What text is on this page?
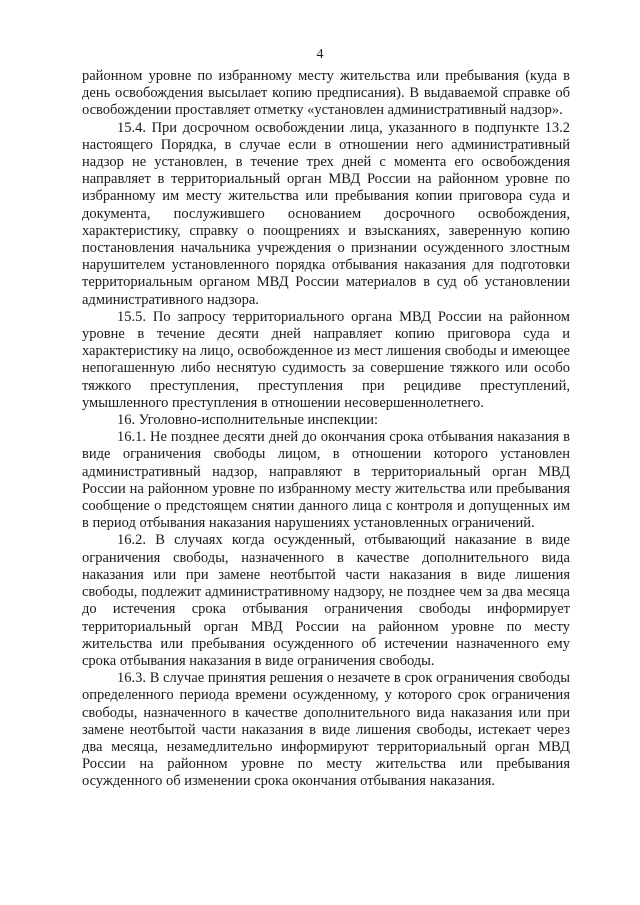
4

районном уровне по избранному месту жительства или пребывания (куда в день освобождения высылает копию предписания). В выдаваемой справке об освобождении проставляет отметку «установлен административный надзор».

15.4. При досрочном освобождении лица, указанного в подпункте 13.2 настоящего Порядка, в случае если в отношении него административный надзор не установлен, в течение трех дней с момента его освобождения направляет в территориальный орган МВД России на районном уровне по избранному им месту жительства или пребывания копии приговора суда и документа, послужившего основанием досрочного освобождения, характеристику, справку о поощрениях и взысканиях, заверенную копию постановления начальника учреждения о признании осужденного злостным нарушителем установленного порядка отбывания наказания для подготовки территориальным органом МВД России материалов в суд об установлении административного надзора.

15.5. По запросу территориального органа МВД России на районном уровне в течение десяти дней направляет копию приговора суда и характеристику на лицо, освобожденное из мест лишения свободы и имеющее непогашенную либо неснятую судимость за совершение тяжкого или особо тяжкого преступления, преступления при рецидиве преступлений, умышленного преступления в отношении несовершеннолетнего.

16. Уголовно-исполнительные инспекции:

16.1. Не позднее десяти дней до окончания срока отбывания наказания в виде ограничения свободы лицом, в отношении которого установлен административный надзор, направляют в территориальный орган МВД России на районном уровне по избранному месту жительства или пребывания сообщение о предстоящем снятии данного лица с контроля и допущенных им в период отбывания наказания нарушениях установленных ограничений.

16.2. В случаях когда осужденный, отбывающий наказание в виде ограничения свободы, назначенного в качестве дополнительного вида наказания или при замене неотбытой части наказания в виде лишения свободы, подлежит административному надзору, не позднее чем за два месяца до истечения срока отбывания ограничения свободы информирует территориальный орган МВД России на районном уровне по месту жительства или пребывания осужденного об истечении назначенного ему срока отбывания наказания в виде ограничения свободы.

16.3. В случае принятия решения о незачете в срок ограничения свободы определенного периода времени осужденному, у которого срок ограничения свободы, назначенного в качестве дополнительного вида наказания или при замене неотбытой части наказания в виде лишения свободы, истекает через два месяца, незамедлительно информируют территориальный орган МВД России на районном уровне по месту жительства или пребывания осужденного об изменении срока окончания отбывания наказания.
